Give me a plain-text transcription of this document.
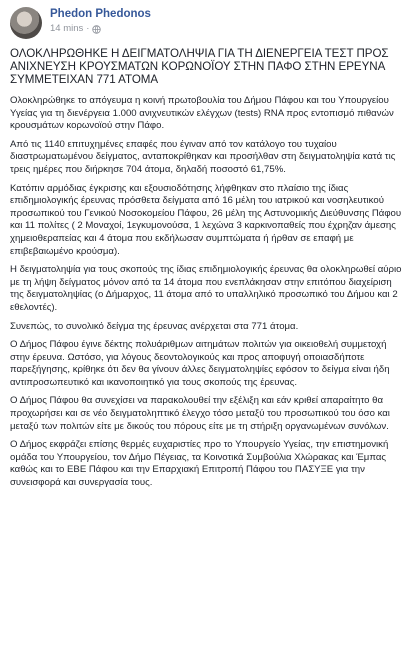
Phedon Phedonos
14 mins ·

ΟΛΟΚΛΗΡΩΘΗΚΕ Η ΔΕΙΓΜΑΤΟΛΗΨΙΑ ΓΙΑ ΤΗ ΔΙΕΝΕΡΓΕΙΑ ΤΕΣΤ ΠΡΟΣ ΑΝΙΧΝΕΥΣΗ ΚΡΟΥΣΜΑΤΩΝ ΚΟΡΩΝΟΪΟΥ ΣΤΗΝ ΠΑΦΟ ΣΤΗΝ ΕΡΕΥΝΑ ΣΥΜΜΕΤΕΙΧΑΝ 771 ΑΤΟΜΑ

Ολοκληρώθηκε το απόγευμα η κοινή πρωτοβουλία του Δήμου Πάφου και του Υπουργείου Υγείας για τη διενέργεια 1.000 ανιχνευτικών ελέγχων (tests) RNA προς εντοπισμό πιθανών κρουσμάτων κορωνοϊού στην Πάφο.

Από τις 1140 επιτυχημένες επαφές που έγιναν από τον κατάλογο του τυχαίου διαστρωματωμένου δείγματος, ανταποκρίθηκαν και προσήλθαν στη δειγματοληψία κατά τις τρεις ημέρες που διήρκησε 704 άτομα, δηλαδή ποσοστό 61,75%.

Κατόπιν αρμόδιας έγκρισης και εξουσιοδότησης λήφθηκαν στο πλαίσιο της ίδιας επιδημιολογικής έρευνας πρόσθετα δείγματα από 16 μέλη του ιατρικού και νοσηλευτικού προσωπικού του Γενικού Νοσοκομείου Πάφου, 26 μέλη της Αστυνομικής Διεύθυνσης Πάφου και 11 πολίτες ( 2 Μοναχοί, 1εγκυμονούσα, 1 λεχώνα 3 καρκινοπαθείς που έχρηζαν άμεσης χημειοθεραπείας και 4 άτομα που εκδήλωσαν συμπτώματα ή ήρθαν σε επαφή με επιβεβαιωμένο κρούσμα).

Η δειγματοληψία για τους σκοπούς της ίδιας επιδημιολογικής έρευνας θα ολοκληρωθεί αύριο με τη λήψη δείγματος μόνον από τα 14 άτομα που ενεπλάκησαν στην επιτόπου διαχείριση της δειγματοληψίας (ο Δήμαρχος, 11 άτομα από το υπαλληλικό προσωπικό του Δήμου και 2 εθελοντές).

Συνεπώς, το συνολικό δείγμα της έρευνας ανέρχεται στα 771 άτομα.

Ο Δήμος Πάφου έγινε δέκτης πολυάριθμων αιτημάτων πολιτών για οικειοθελή συμμετοχή στην έρευνα. Ωστόσο, για λόγους δεοντολογικούς και προς αποφυγή οποιασδήποτε παρεξήγησης, κρίθηκε ότι δεν θα γίνουν άλλες δειγματοληψίες εφόσον το δείγμα είναι ήδη αντιπροσωπευτικό και ικανοποιητικό για τους σκοπούς της έρευνας.

Ο Δήμος Πάφου θα συνεχίσει να παρακολουθεί την εξέλιξη και εάν κριθεί απαραίτητο θα προχωρήσει και σε νέο δειγματοληπτικό έλεγχο τόσο μεταξύ του προσωπικού του όσο και μεταξύ των πολιτών είτε με δικούς του πόρους είτε με τη στήριξη οργανωμένων συνόλων.

Ο Δήμος εκφράζει επίσης θερμές ευχαριστίες προ το Υπουργείο Υγείας, την επιστημονική ομάδα του Υπουργείου, τον Δήμο Πέγειας, τα Κοινοτικά Συμβούλια Χλώρακας και Έμπας καθώς και το ΕΒΕ Πάφου και την Επαρχιακή Επιτροπή Πάφου του ΠΑΣΥΞΕ για την συνεισφορά και συνεργασία τους.
